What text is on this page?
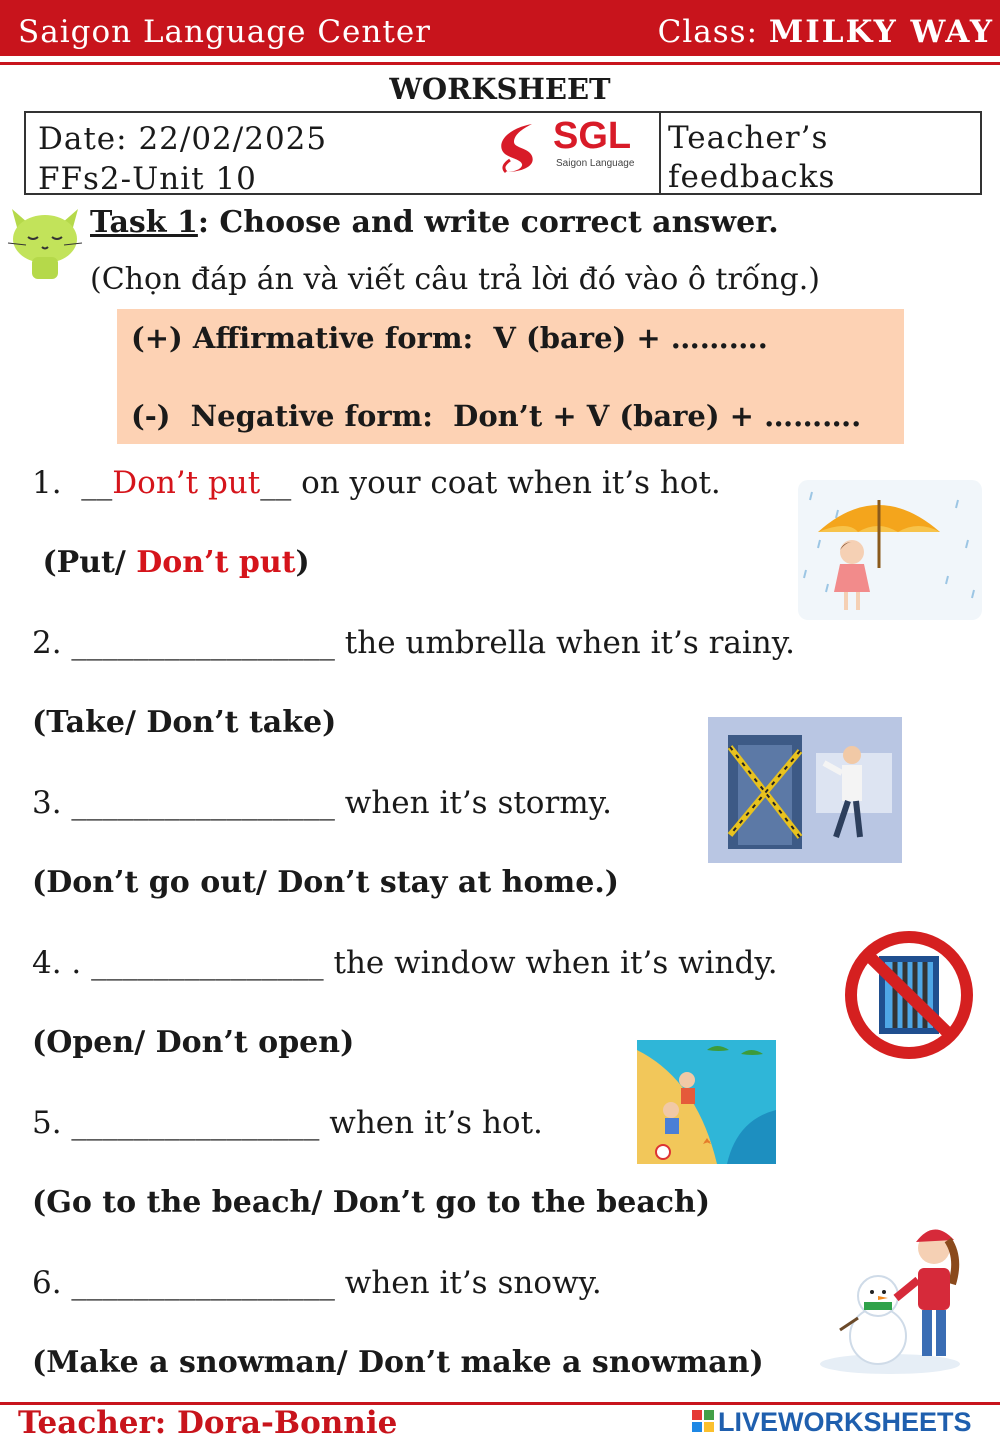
Saigon Language Center	Class: MILKY WAY
WORKSHEET
Date: 22/02/2025
FFs2-Unit 10
Teacher’s feedbacks
SGL
Saigon Language
Task 1: Choose and write correct answer.
(Chọn đáp án và viết câu trả lời đó vào ô trống.)
(+) Affirmative form:  V (bare) + ……….
(-)  Negative form:  Don’t + V (bare) + ……….
1.  __Don’t put__ on your coat when it’s hot.
(Put/ Don’t put)
2. _________________ the umbrella when it’s rainy.
(Take/ Don’t take)
3. _________________ when it’s stormy.
(Don’t go out/ Don’t stay at home.)
4. . _______________ the window when it’s windy.
(Open/ Don’t open)
5. ________________ when it’s hot.
(Go to the beach/ Don’t go to the beach)
6. _________________ when it’s snowy.
(Make a snowman/ Don’t make a snowman)
Teacher: Dora-Bonnie	LIVEWORKSHEETS
